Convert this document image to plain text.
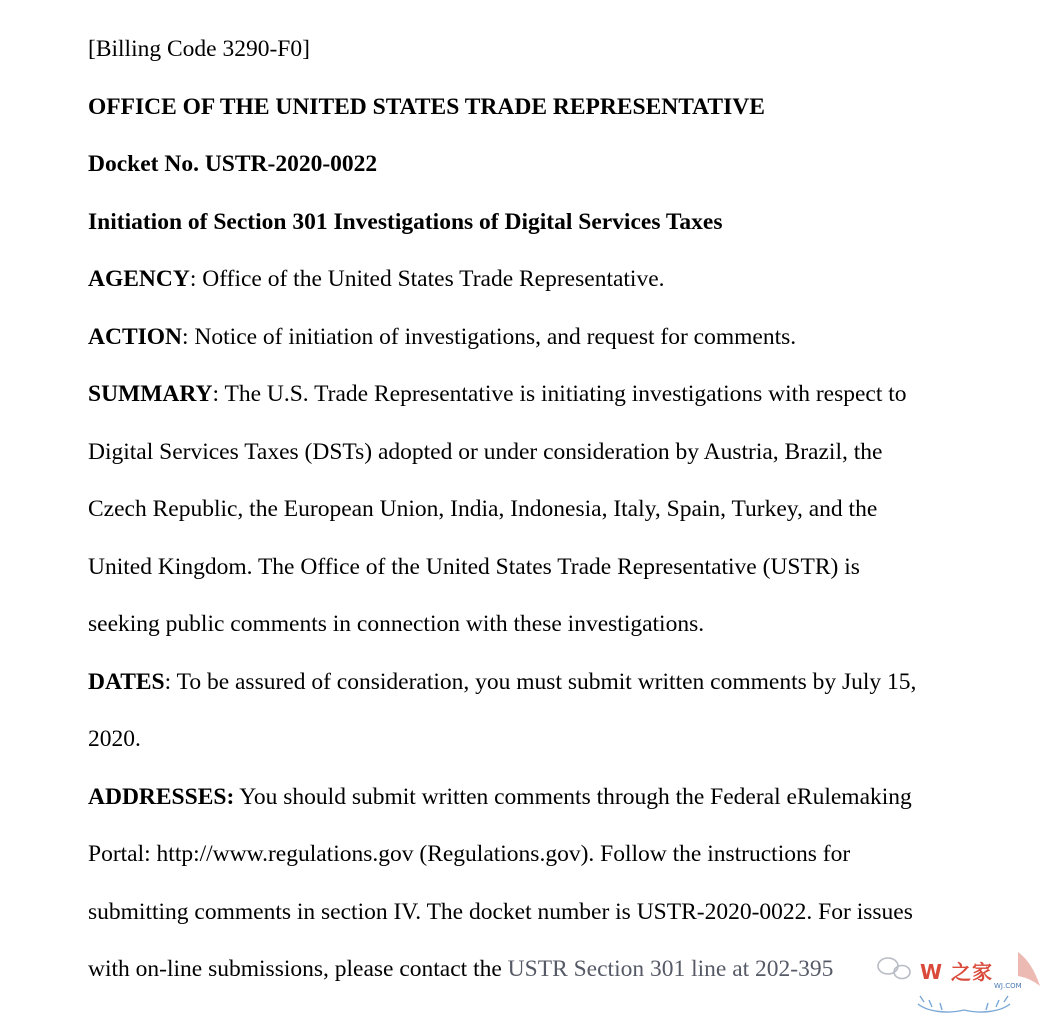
[Billing Code 3290-F0]
OFFICE OF THE UNITED STATES TRADE REPRESENTATIVE
Docket No. USTR-2020-0022
Initiation of Section 301 Investigations of Digital Services Taxes
AGENCY: Office of the United States Trade Representative.
ACTION: Notice of initiation of investigations, and request for comments.
SUMMARY: The U.S. Trade Representative is initiating investigations with respect to
Digital Services Taxes (DSTs) adopted or under consideration by Austria, Brazil, the
Czech Republic, the European Union, India, Indonesia, Italy, Spain, Turkey, and the
United Kingdom. The Office of the United States Trade Representative (USTR) is
seeking public comments in connection with these investigations.
DATES: To be assured of consideration, you must submit written comments by July 15,
2020.
ADDRESSES: You should submit written comments through the Federal eRulemaking
Portal: http://www.regulations.gov (Regulations.gov). Follow the instructions for
submitting comments in section IV. The docket number is USTR-2020-0022. For issues
with on-line submissions, please contact the USTR Section 301 line at 202-395	W 之家
WJ.COM
